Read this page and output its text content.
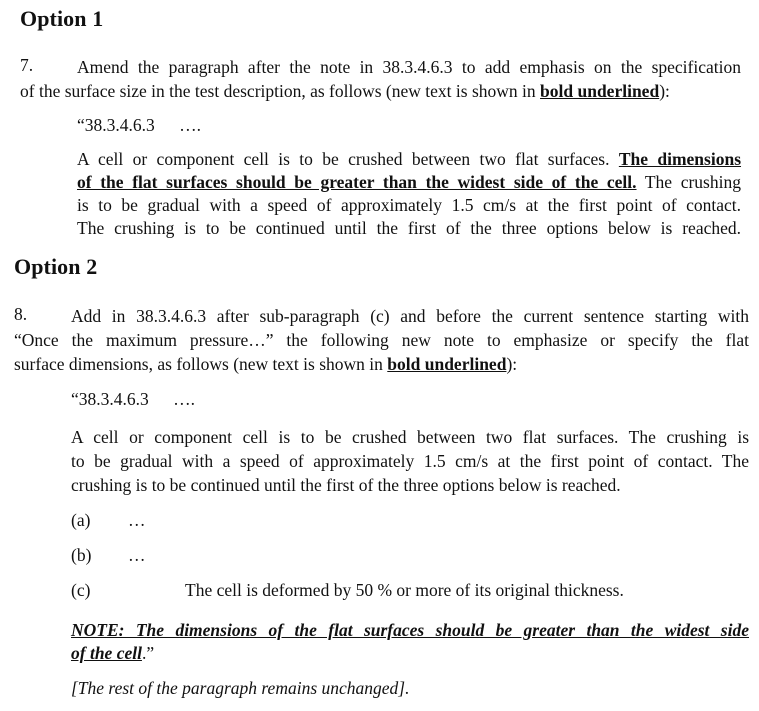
Option 1
7.	Amend the paragraph after the note in 38.3.4.6.3 to add emphasis on the specification
of the surface size in the test description, as follows (new text is shown in bold underlined):
“38.3.4.6.3 ….
A cell or component cell is to be crushed between two flat surfaces. The dimensions
of the flat surfaces should be greater than the widest side of the cell. The crushing
is to be gradual with a speed of approximately 1.5 cm/s at the first point of contact.
The crushing is to be continued until the first of the three options below is reached.
Option 2
8.	Add in 38.3.4.6.3 after sub-paragraph (c) and before the current sentence starting with
“Once the maximum pressure…” the following new note to emphasize or specify the flat
surface dimensions, as follows (new text is shown in bold underlined):
“38.3.4.6.3 ….
A cell or component cell is to be crushed between two flat surfaces. The crushing is
to be gradual with a speed of approximately 1.5 cm/s at the first point of contact. The
crushing is to be continued until the first of the three options below is reached.
(a) …
(b) …
(c)	The cell is deformed by 50 % or more of its original thickness.
NOTE: The dimensions of the flat surfaces should be greater than the widest side
of the cell.”
[The rest of the paragraph remains unchanged].
